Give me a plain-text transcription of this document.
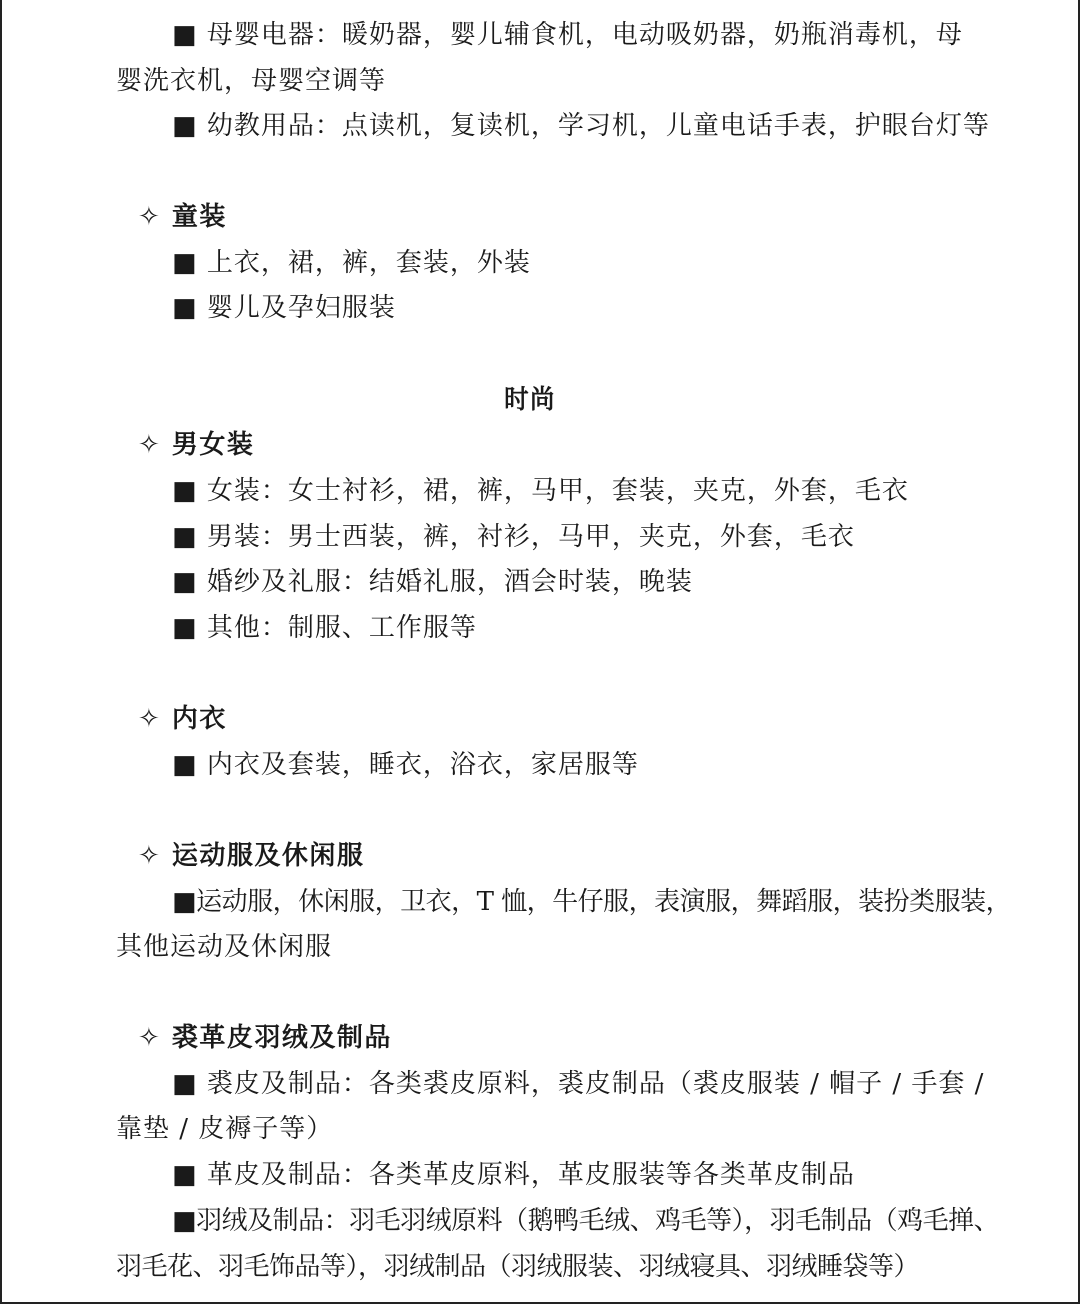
■ 母婴电器：暖奶器，婴儿辅食机，电动吸奶器，奶瓶消毒机，母
婴洗衣机，母婴空调等
■ 幼教用品：点读机，复读机，学习机，儿童电话手表，护眼台灯等
✧ 童装
■ 上衣，裙，裤，套装，外装
■ 婴儿及孕妇服装
时尚
✧ 男女装
■ 女装：女士衬衫，裙，裤，马甲，套装，夹克，外套，毛衣
■ 男装：男士西装，裤，衬衫，马甲，夹克，外套，毛衣
■ 婚纱及礼服：结婚礼服，酒会时装，晚装
■ 其他：制服、工作服等
✧ 内衣
■ 内衣及套装，睡衣，浴衣，家居服等
✧ 运动服及休闲服
■运动服，休闲服，卫衣，T 恤，牛仔服，表演服，舞蹈服，装扮类服装，
其他运动及休闲服
✧ 裘革皮羽绒及制品
■ 裘皮及制品：各类裘皮原料，裘皮制品（裘皮服装 / 帽子 / 手套 /
靠垫 / 皮褥子等）
■ 革皮及制品：各类革皮原料，革皮服装等各类革皮制品
■羽绒及制品：羽毛羽绒原料（鹅鸭毛绒、鸡毛等），羽毛制品（鸡毛掸、
羽毛花、羽毛饰品等），羽绒制品（羽绒服装、羽绒寝具、羽绒睡袋等）
